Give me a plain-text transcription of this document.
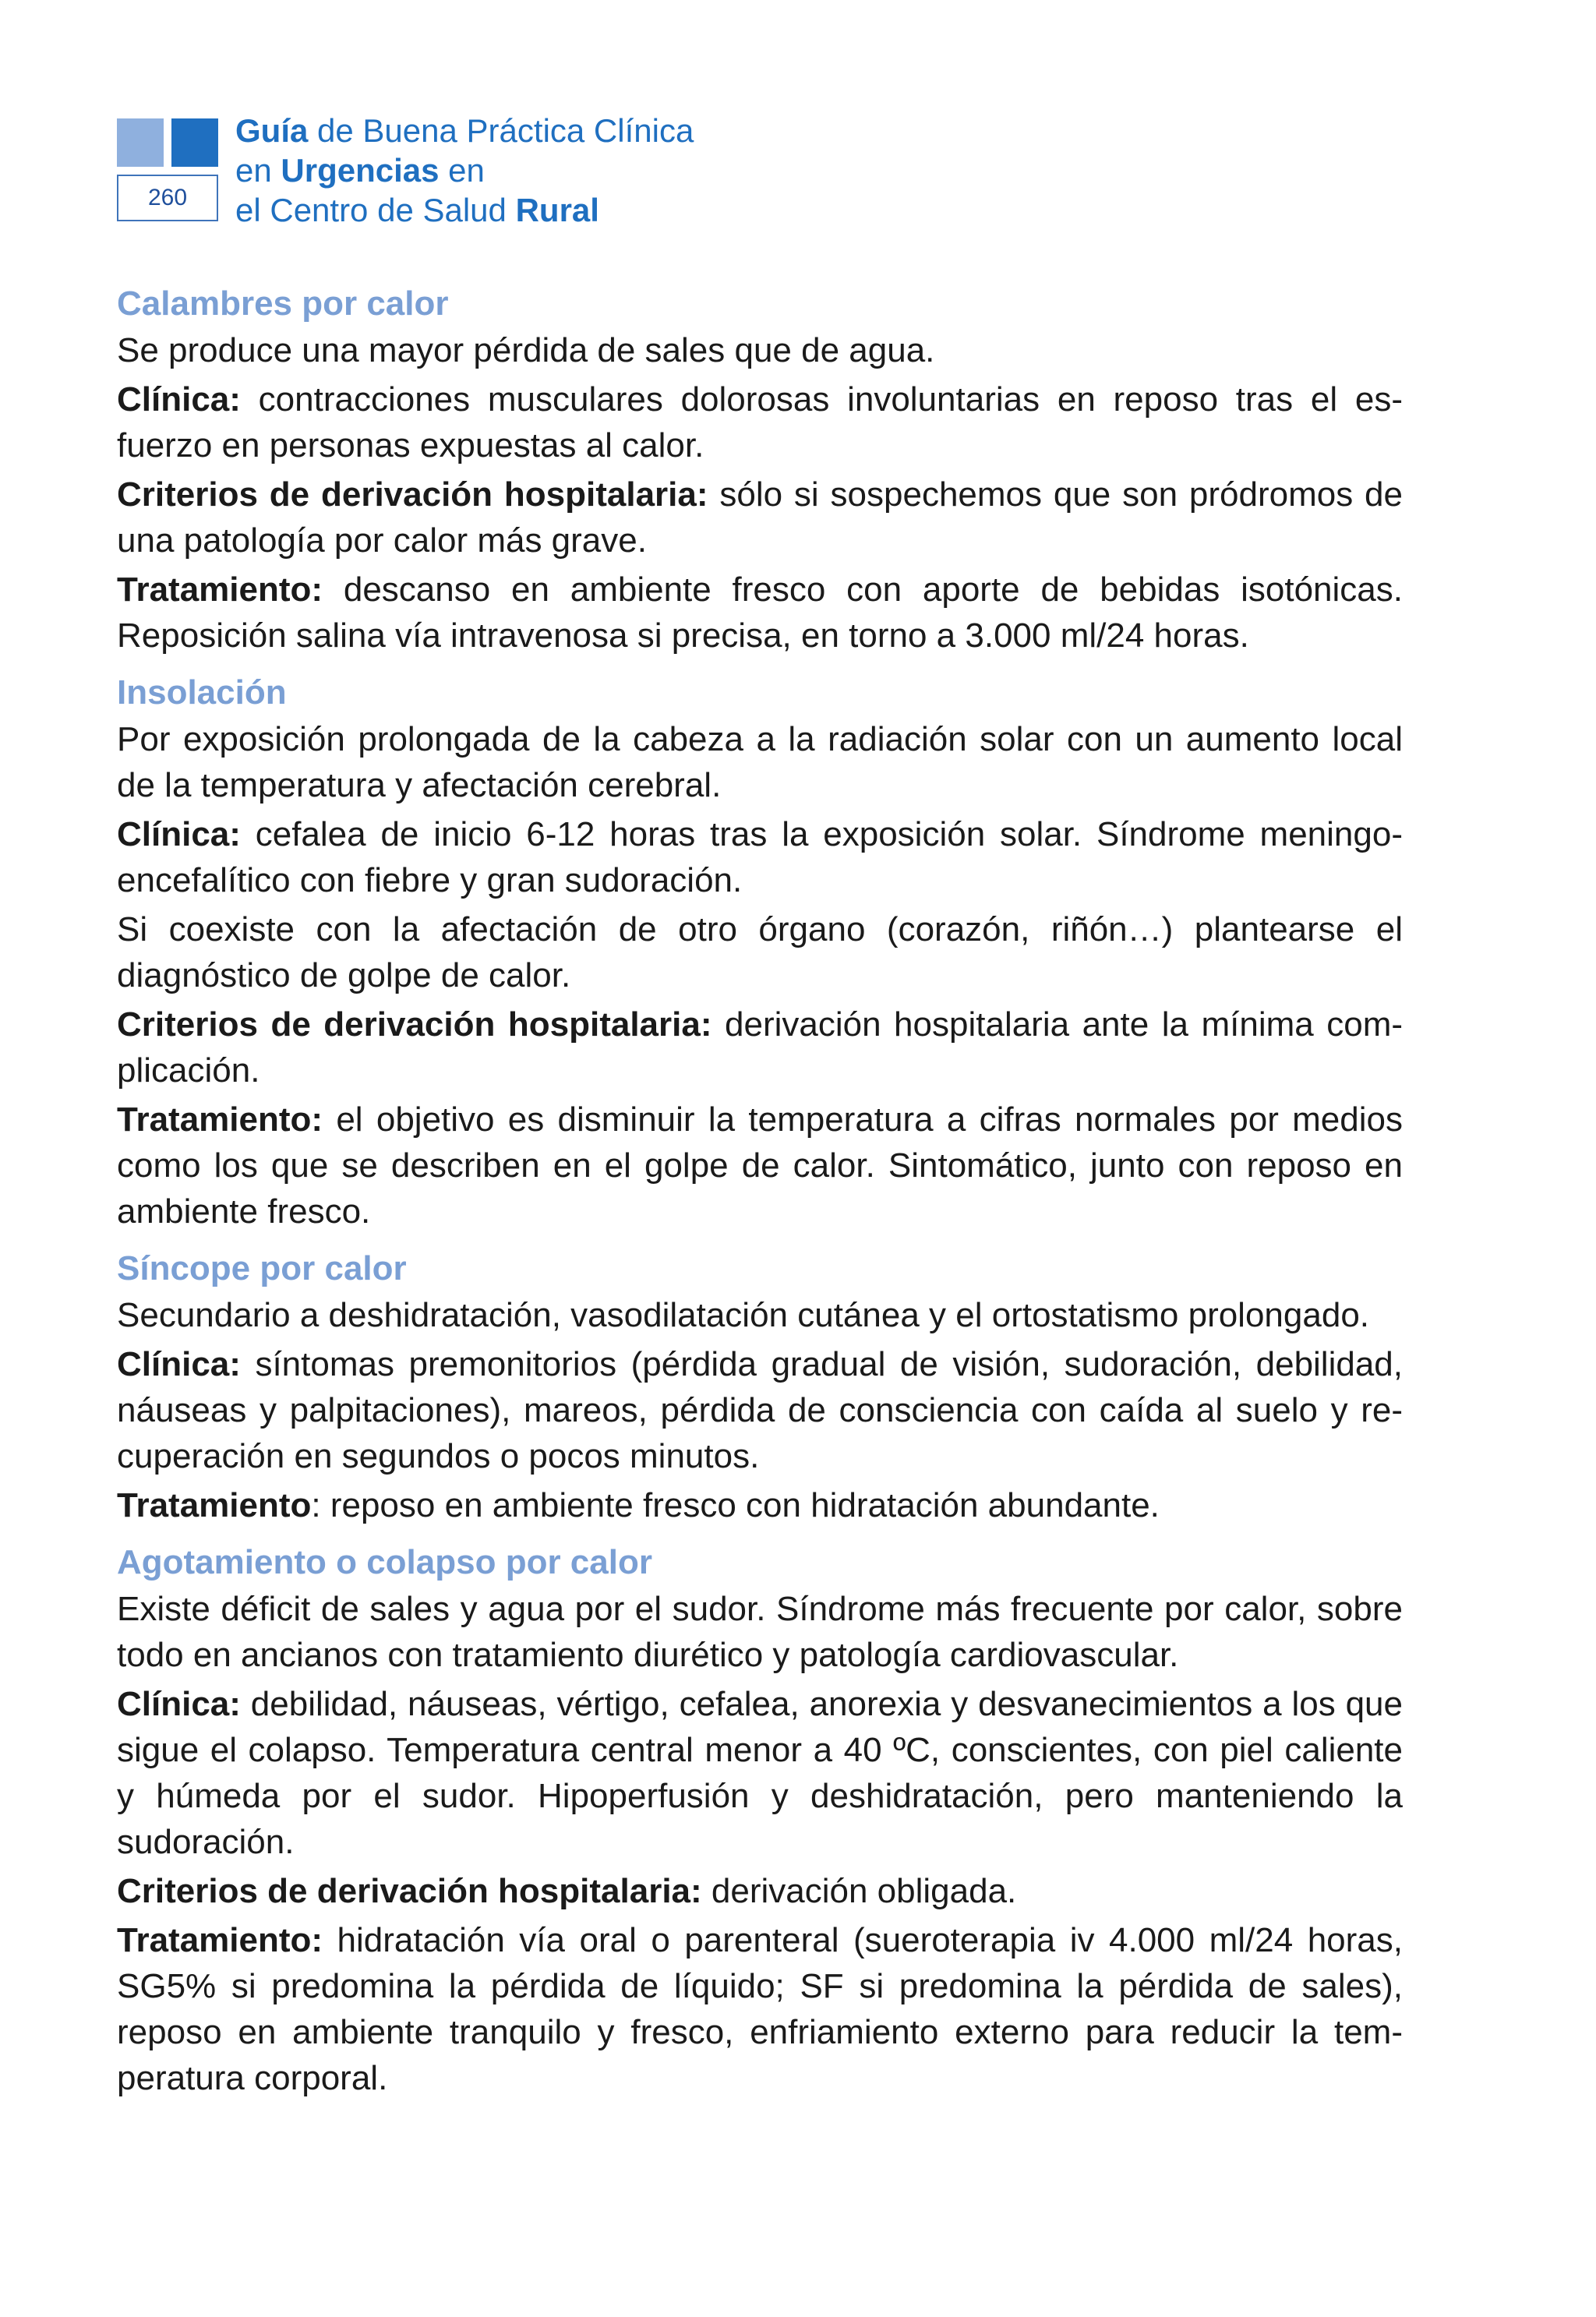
260
Guía de Buena Práctica Clínica
en Urgencias en
el Centro de Salud Rural
Calambres por calor

Se produce una mayor pérdida de sales que de agua.

Clínica: contracciones musculares dolorosas involuntarias en reposo tras el esfuerzo en personas expuestas al calor.

Criterios de derivación hospitalaria: sólo si sospechemos que son pródromos de una patología por calor más grave.

Tratamiento: descanso en ambiente fresco con aporte de bebidas isotónicas. Reposición salina vía intravenosa si precisa, en torno a 3.000 ml/24 horas.

Insolación

Por exposición prolongada de la cabeza a la radiación solar con un aumento local de la temperatura y afectación cerebral.

Clínica: cefalea de inicio 6-12 horas tras la exposición solar. Síndrome meningoencefalítico con fiebre y gran sudoración.

Si coexiste con la afectación de otro órgano (corazón, riñón…) plantearse el diagnóstico de golpe de calor.

Criterios de derivación hospitalaria: derivación hospitalaria ante la mínima complicación.

Tratamiento: el objetivo es disminuir la temperatura a cifras normales por medios como los que se describen en el golpe de calor. Sintomático, junto con reposo en ambiente fresco.

Síncope por calor

Secundario a deshidratación, vasodilatación cutánea y el ortostatismo prolongado.

Clínica: síntomas premonitorios (pérdida gradual de visión, sudoración, debilidad, náuseas y palpitaciones), mareos, pérdida de consciencia con caída al suelo y recuperación en segundos o pocos minutos.

Tratamiento: reposo en ambiente fresco con hidratación abundante.

Agotamiento o colapso por calor

Existe déficit de sales y agua por el sudor. Síndrome más frecuente por calor, sobre todo en ancianos con tratamiento diurético y patología cardiovascular.

Clínica: debilidad, náuseas, vértigo, cefalea, anorexia y desvanecimientos a los que sigue el colapso. Temperatura central menor a 40 ºC, conscientes, con piel caliente y húmeda por el sudor. Hipoperfusión y deshidratación, pero manteniendo la sudoración.

Criterios de derivación hospitalaria: derivación obligada.

Tratamiento: hidratación vía oral o parenteral (sueroterapia iv 4.000 ml/24 horas, SG5% si predomina la pérdida de líquido; SF si predomina la pérdida de sales), reposo en ambiente tranquilo y fresco, enfriamiento externo para reducir la temperatura corporal.
